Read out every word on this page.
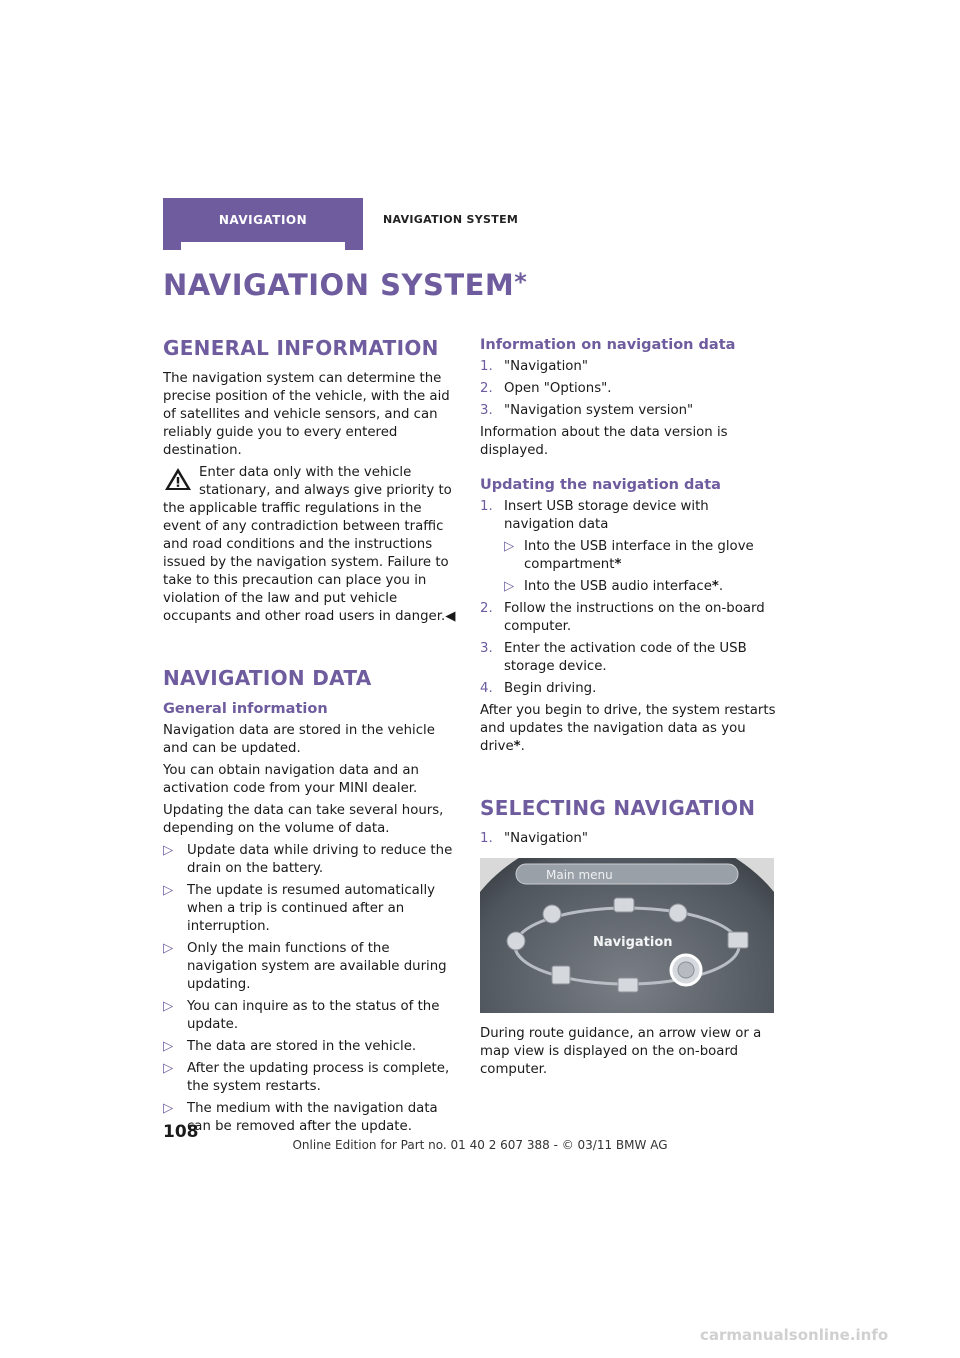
NAVIGATION	NAVIGATION SYSTEM
NAVIGATION SYSTEM*
GENERAL INFORMATION

The navigation system can determine the precise position of the vehicle, with the aid of satellites and vehicle sensors, and can reliably guide you to every entered destination.

Enter data only with the vehicle stationary, and always give priority to the applicable traffic regulations in the event of any contradiction between traffic and road conditions and the instructions issued by the navigation system. Failure to take to this precaution can place you in violation of the law and put vehicle occupants and other road users in danger.◀
NAVIGATION DATA
General information

Navigation data are stored in the vehicle and can be updated.

You can obtain navigation data and an activation code from your MINI dealer.

Updating the data can take several hours, depending on the volume of data.

▷ Update data while driving to reduce the drain on the battery.
▷ The update is resumed automatically when a trip is continued after an interruption.
▷ Only the main functions of the navigation system are available during updating.
▷ You can inquire as to the status of the update.
▷ The data are stored in the vehicle.
▷ After the updating process is complete, the system restarts.
▷ The medium with the navigation data can be removed after the update.
Information on navigation data
1. "Navigation"
2. Open "Options".
3. "Navigation system version"

Information about the data version is displayed.

Updating the navigation data
1. Insert USB storage device with navigation data
▷ Into the USB interface in the glove compartment*
▷ Into the USB audio interface*.
2. Follow the instructions on the on-board computer.
3. Enter the activation code of the USB storage device.
4. Begin driving.

After you begin to drive, the system restarts and updates the navigation data as you drive*.

SELECTING NAVIGATION
1. "Navigation"
Main menu
Navigation

During route guidance, an arrow view or a map view is displayed on the on-board computer.

108
Online Edition for Part no. 01 40 2 607 388 - © 03/11 BMW AG
carmanualsonline.info
